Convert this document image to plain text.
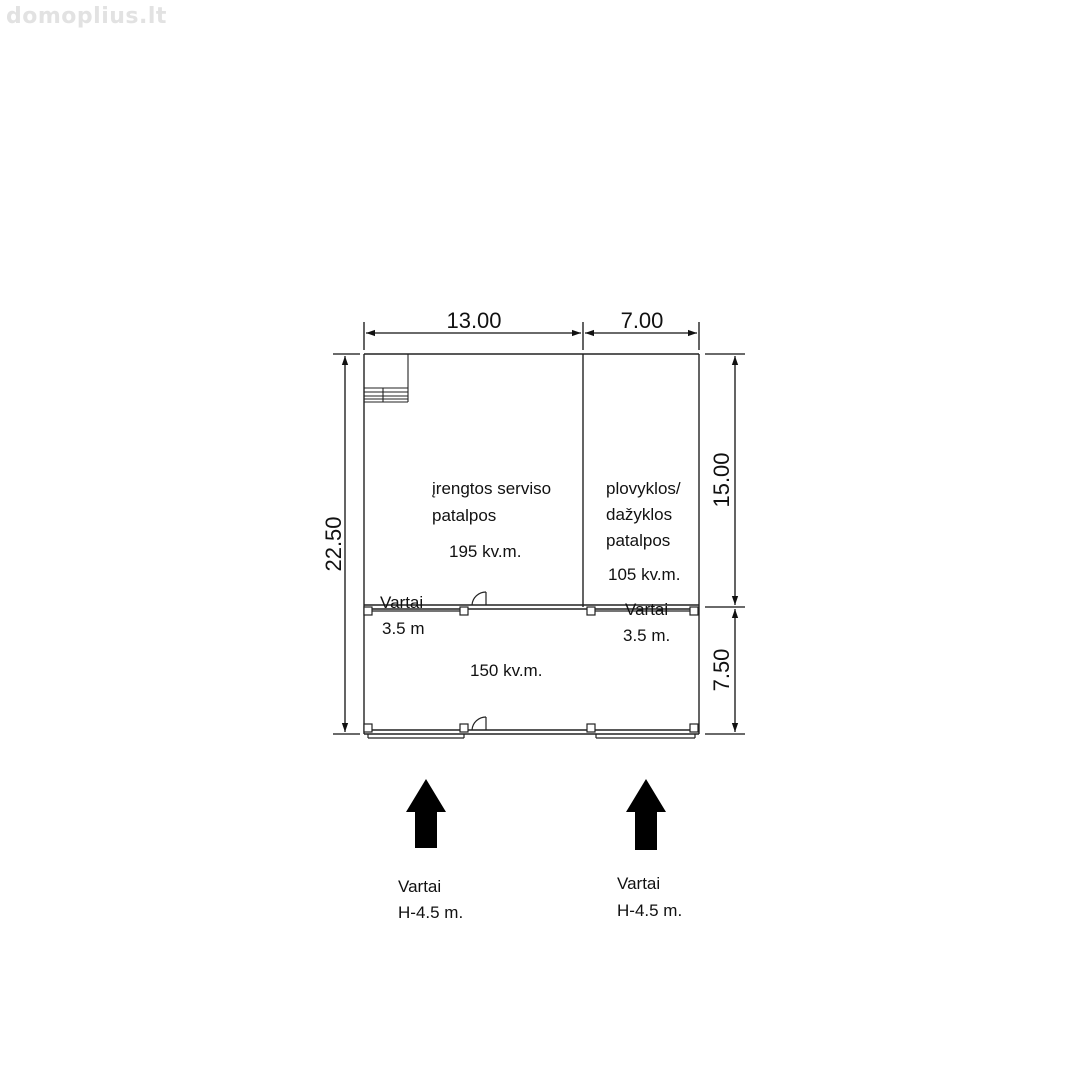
domoplius.lt
13.00	7.00
22.50
15.00
7.50
įrengtos serviso
patalpos
195 kv.m.
plovyklos/
dažyklos
patalpos
105 kv.m.
150 kv.m.
Vartai
3.5 m
Vartai
3.5 m.
Vartai
H-4.5 m.
Vartai
H-4.5 m.
